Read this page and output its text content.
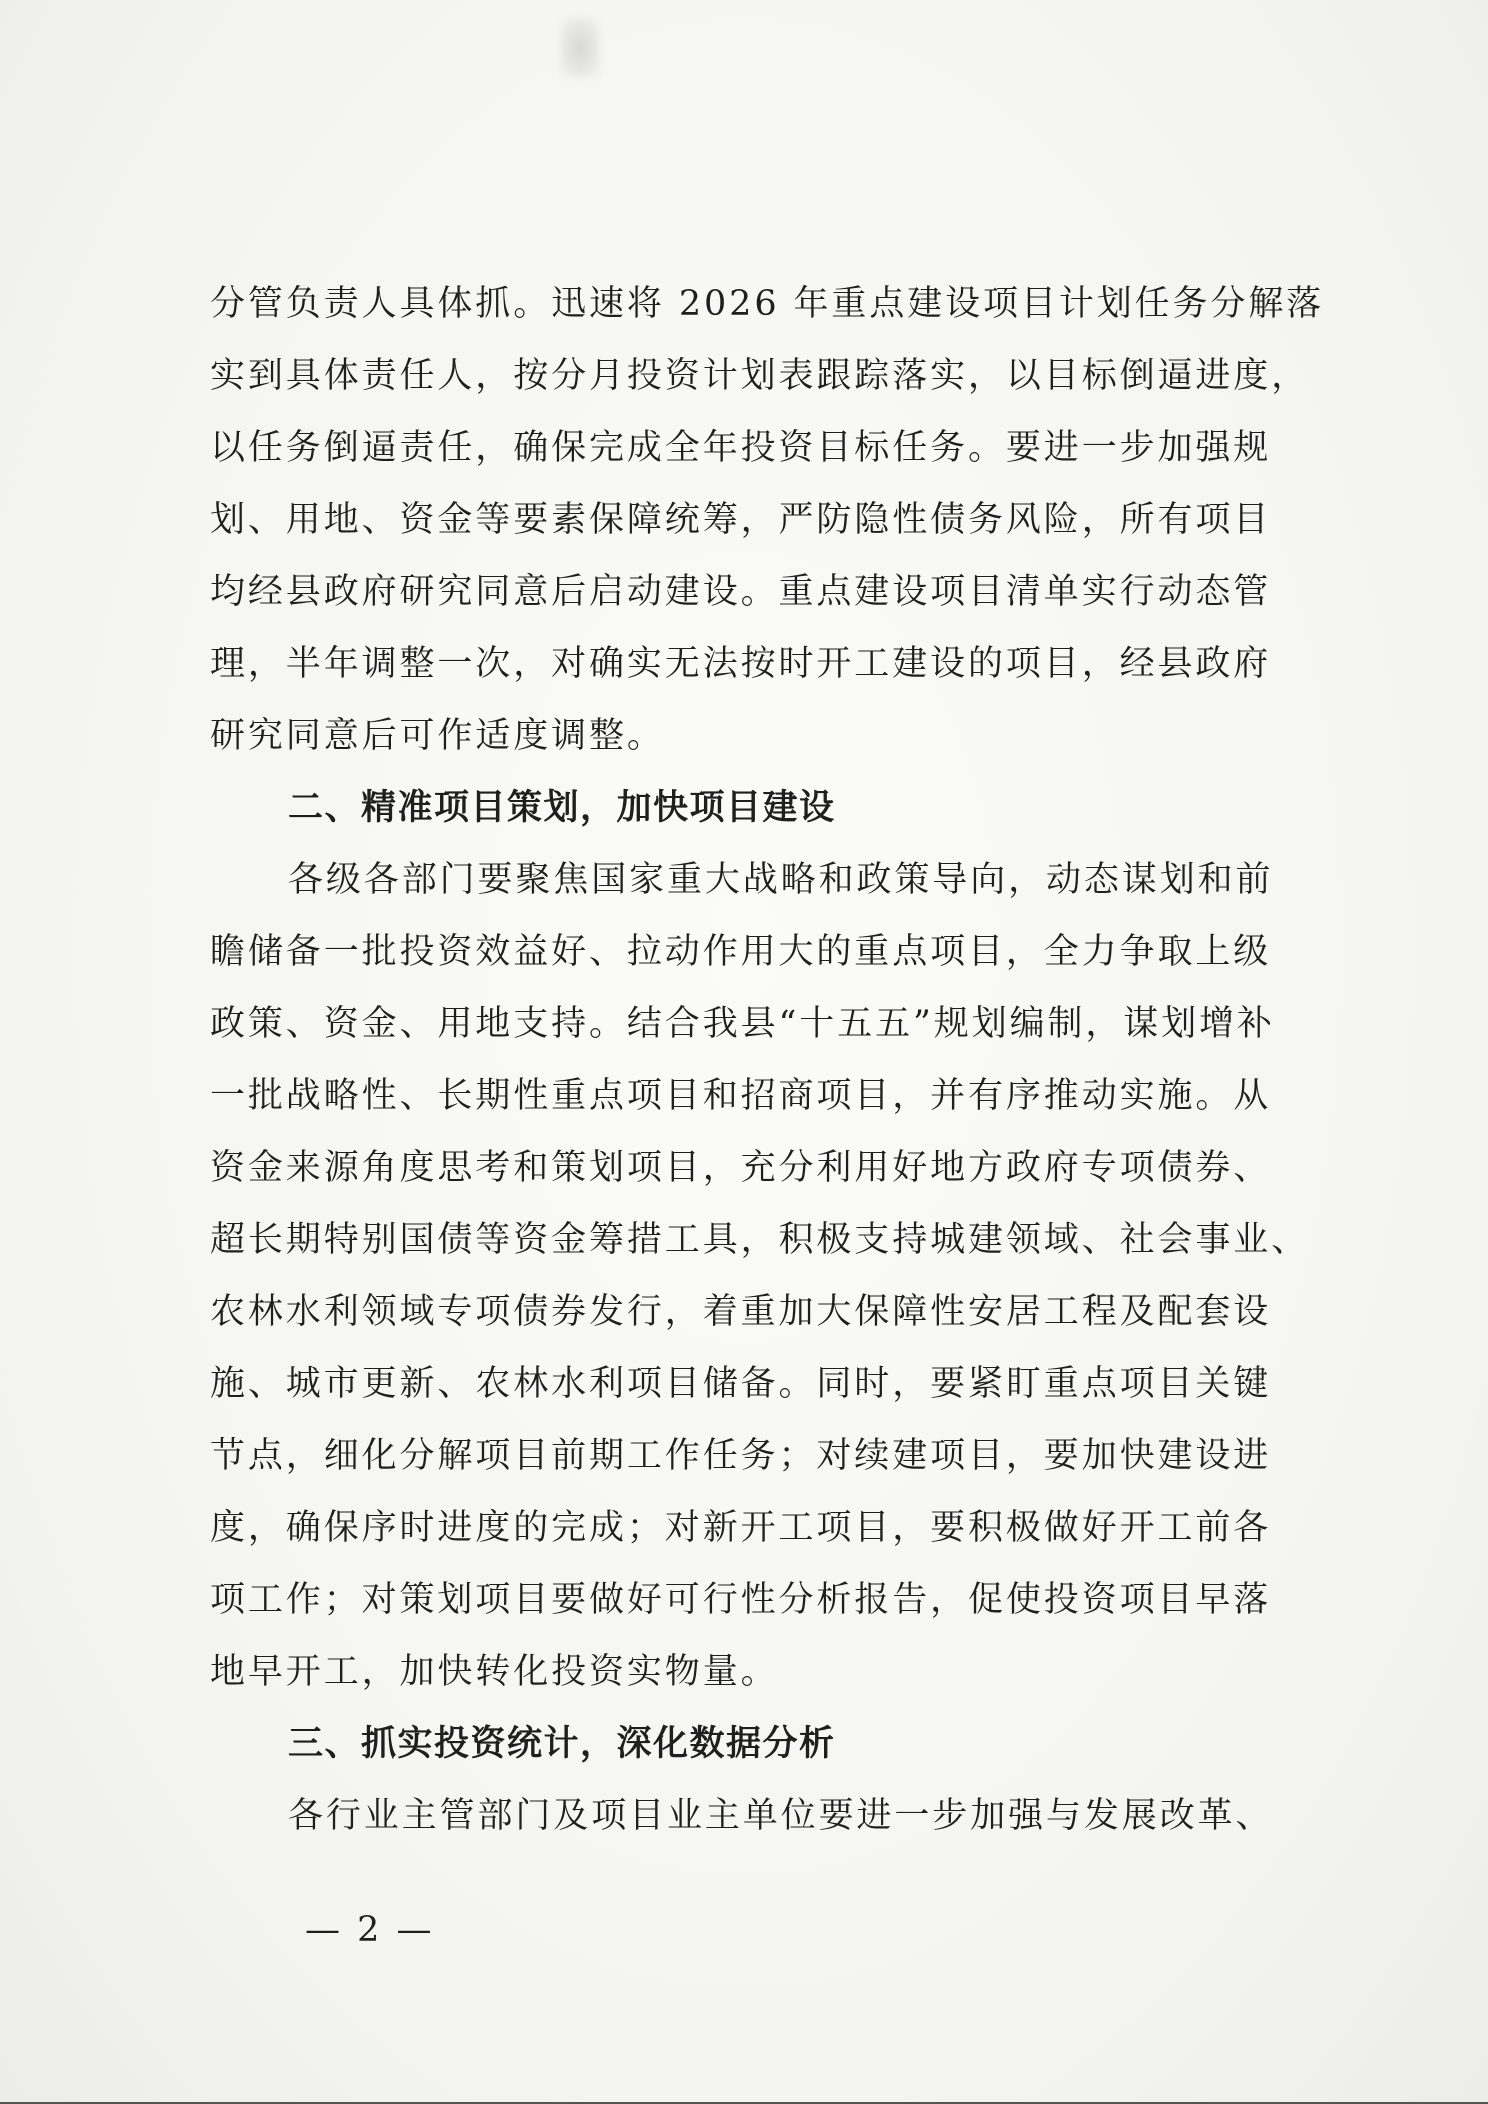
分管负责人具体抓。迅速将 2026 年重点建设项目计划任务分解落
实到具体责任人，按分月投资计划表跟踪落实，以目标倒逼进度，
以任务倒逼责任，确保完成全年投资目标任务。要进一步加强规
划、用地、资金等要素保障统筹，严防隐性债务风险，所有项目
均经县政府研究同意后启动建设。重点建设项目清单实行动态管
理，半年调整一次，对确实无法按时开工建设的项目，经县政府
研究同意后可作适度调整。
二、精准项目策划，加快项目建设
各级各部门要聚焦国家重大战略和政策导向，动态谋划和前
瞻储备一批投资效益好、拉动作用大的重点项目，全力争取上级
政策、资金、用地支持。结合我县“十五五”规划编制，谋划增补
一批战略性、长期性重点项目和招商项目，并有序推动实施。从
资金来源角度思考和策划项目，充分利用好地方政府专项债券、
超长期特别国债等资金筹措工具，积极支持城建领域、社会事业、
农林水利领域专项债券发行，着重加大保障性安居工程及配套设
施、城市更新、农林水利项目储备。同时，要紧盯重点项目关键
节点，细化分解项目前期工作任务；对续建项目，要加快建设进
度，确保序时进度的完成；对新开工项目，要积极做好开工前各
项工作；对策划项目要做好可行性分析报告，促使投资项目早落
地早开工，加快转化投资实物量。
三、抓实投资统计，深化数据分析
各行业主管部门及项目业主单位要进一步加强与发展改革、
— 2 —
